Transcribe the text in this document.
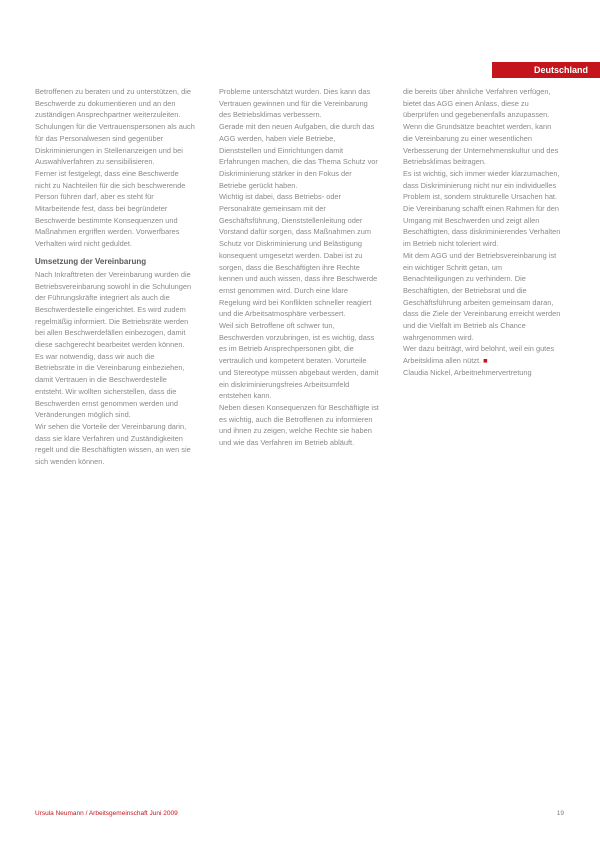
Deutschland

Betroffenen zu beraten und zu unterstützen, die Beschwerde zu dokumentieren und an den zuständigen Ansprechpartner weiterzuleiten. Schulungen für die Vertrauenspersonen als auch für das Personalwesen sind gegenüber Diskriminierungen in Stellenanzeigen und bei Auswahlverfahren zu sensibilisieren.

Ferner ist festgelegt, dass eine Beschwerde nicht zu Nachteilen für die sich beschwerende Person führen darf, aber es steht für Mitarbeitende fest, dass bei begründeter Beschwerde bestimmte Konsequenzen und Maßnahmen ergriffen werden. Vorwerfbares Verhalten wird nicht geduldet.

Umsetzung der Vereinbarung

Nach Inkrafttreten der Vereinbarung wurden die Betriebsvereinbarung sowohl in die Schulungen der Führungskräfte integriert als auch die Beschwerdestelle eingerichtet. Es wird zudem regelmäßig informiert. Die Betriebsräte werden bei allen Beschwerdefällen einbezogen, damit diese sachgerecht bearbeitet werden können.

Es war notwendig, dass wir auch die Betriebsräte in die Vereinbarung einbeziehen, damit Vertrauen in die Beschwerdestelle entsteht. Wir wollten sicherstellen, dass die Beschwerden ernst genommen werden und Veränderungen möglich sind.

Wir sehen die Vorteile der Vereinbarung darin, dass sie klare Verfahren und Zuständigkeiten regelt und die Beschäftigten wissen, an wen sie sich wenden können.

Probleme unterschätzt wurden. Dies kann das Vertrauen gewinnen und für die Vereinbarung des Betriebsklimas verbessern.

Gerade mit den neuen Aufgaben, die durch das AGG werden, haben viele Betriebe, Dienststellen und Einrichtungen damit Erfahrungen machen, die das Thema Schutz vor Diskriminierung stärker in den Fokus der Betriebe gerückt haben.

Wichtig ist dabei, dass Betriebs- oder Personalräte gemeinsam mit der Geschäftsführung, Dienststellenleitung oder Vorstand dafür sorgen, dass Maßnahmen zum Schutz vor Diskriminierung und Belästigung konsequent umgesetzt werden. Dabei ist zu sorgen, dass die Beschäftigten ihre Rechte kennen und auch wissen, dass ihre Beschwerde ernst genommen wird. Durch eine klare Regelung wird bei Konflikten schneller reagiert und die Arbeitsatmosphäre verbessert.

Weil sich Betroffene oft schwer tun, Beschwerden vorzubringen, ist es wichtig, dass es im Betrieb Ansprechpersonen gibt, die vertraulich und kompetent beraten. Vorurteile und Stereotype müssen abgebaut werden, damit ein diskriminierungsfreies Arbeitsumfeld entstehen kann.

Neben diesen Konsequenzen für Beschäftigte ist es wichtig, auch die Betroffenen zu informieren und ihnen zu zeigen, welche Rechte sie haben und wie das Verfahren im Betrieb abläuft.

die bereits über ähnliche Verfahren verfügen, bietet das AGG einen Anlass, diese zu überprüfen und gegebenenfalls anzupassen. Wenn die Grundsätze beachtet werden, kann die Vereinbarung zu einer wesentlichen Verbesserung der Unternehmenskultur und des Betriebsklimas beitragen.

Es ist wichtig, sich immer wieder klarzumachen, dass Diskriminierung nicht nur ein individuelles Problem ist, sondern strukturelle Ursachen hat. Die Vereinbarung schafft einen Rahmen für den Umgang mit Beschwerden und zeigt allen Beschäftigten, dass diskriminierendes Verhalten im Betrieb nicht toleriert wird.

Mit dem AGG und der Betriebsvereinbarung ist ein wichtiger Schritt getan, um Benachteiligungen zu verhindern. Die Beschäftigten, der Betriebsrat und die Geschäftsführung arbeiten gemeinsam daran, dass die Ziele der Vereinbarung erreicht werden und die Vielfalt im Betrieb als Chance wahrgenommen wird.

Wer dazu beiträgt, wird belohnt, weil ein gutes Arbeitsklima allen nützt. ■

Claudia Nickel, Arbeitnehmervertretung

Ursula Neumann / Arbeitsgemeinschaft Juni 2009	19
